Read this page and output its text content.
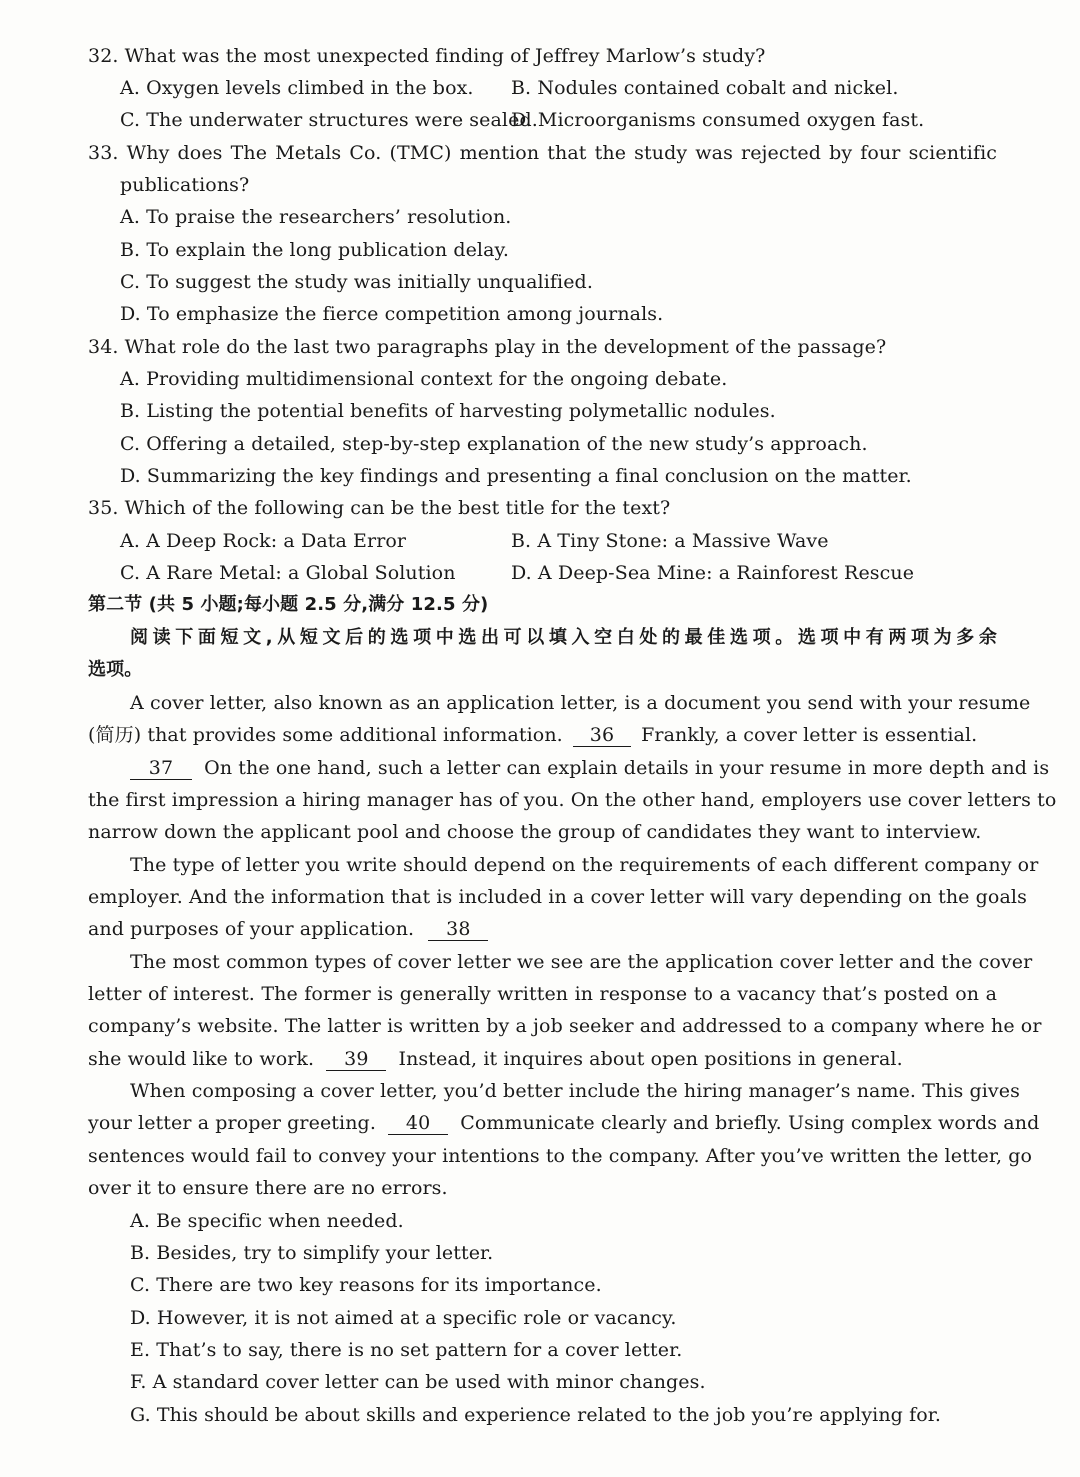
32. What was the most unexpected finding of Jeffrey Marlow’s study?
A. Oxygen levels climbed in the box. B. Nodules contained cobalt and nickel.
C. The underwater structures were sealed.
D. Microorganisms consumed oxygen fast.
33. Why does The Metals Co. (TMC) mention that the study was rejected by four scientific
publications?
A. To praise the researchers’ resolution.
B. To explain the long publication delay.
C. To suggest the study was initially unqualified.
D. To emphasize the fierce competition among journals.
34. What role do the last two paragraphs play in the development of the passage?
A. Providing multidimensional context for the ongoing debate.
B. Listing the potential benefits of harvesting polymetallic nodules.
C. Offering a detailed, step-by-step explanation of the new study’s approach.
D. Summarizing the key findings and presenting a final conclusion on the matter.
35. Which of the following can be the best title for the text?
A. A Deep Rock: a Data Error	B. A Tiny Stone: a Massive Wave
C. A Rare Metal: a Global Solution	D. A Deep-Sea Mine: a Rainforest Rescue
第二节 (共 5 小题;每小题 2.5 分,满分 12.5 分)
阅读下面短文,从短文后的选项中选出可以填入空白处的最佳选项。选项中有两项为多余
选项。
A cover letter, also known as an application letter, is a document you send with your resume
(简历) that provides some additional information. 36 Frankly, a cover letter is essential.
37 On the one hand, such a letter can explain details in your resume in more depth and is
the first impression a hiring manager has of you. On the other hand, employers use cover letters to
narrow down the applicant pool and choose the group of candidates they want to interview.
The type of letter you write should depend on the requirements of each different company or
employer. And the information that is included in a cover letter will vary depending on the goals
and purposes of your application. 38
The most common types of cover letter we see are the application cover letter and the cover
letter of interest. The former is generally written in response to a vacancy that’s posted on a
company’s website. The latter is written by a job seeker and addressed to a company where he or
she would like to work. 39 Instead, it inquires about open positions in general.
When composing a cover letter, you’d better include the hiring manager’s name. This gives
your letter a proper greeting. 40 Communicate clearly and briefly. Using complex words and
sentences would fail to convey your intentions to the company. After you’ve written the letter, go
over it to ensure there are no errors.
A. Be specific when needed.
B. Besides, try to simplify your letter.
C. There are two key reasons for its importance.
D. However, it is not aimed at a specific role or vacancy.
E. That’s to say, there is no set pattern for a cover letter.
F. A standard cover letter can be used with minor changes.
G. This should be about skills and experience related to the job you’re applying for.
